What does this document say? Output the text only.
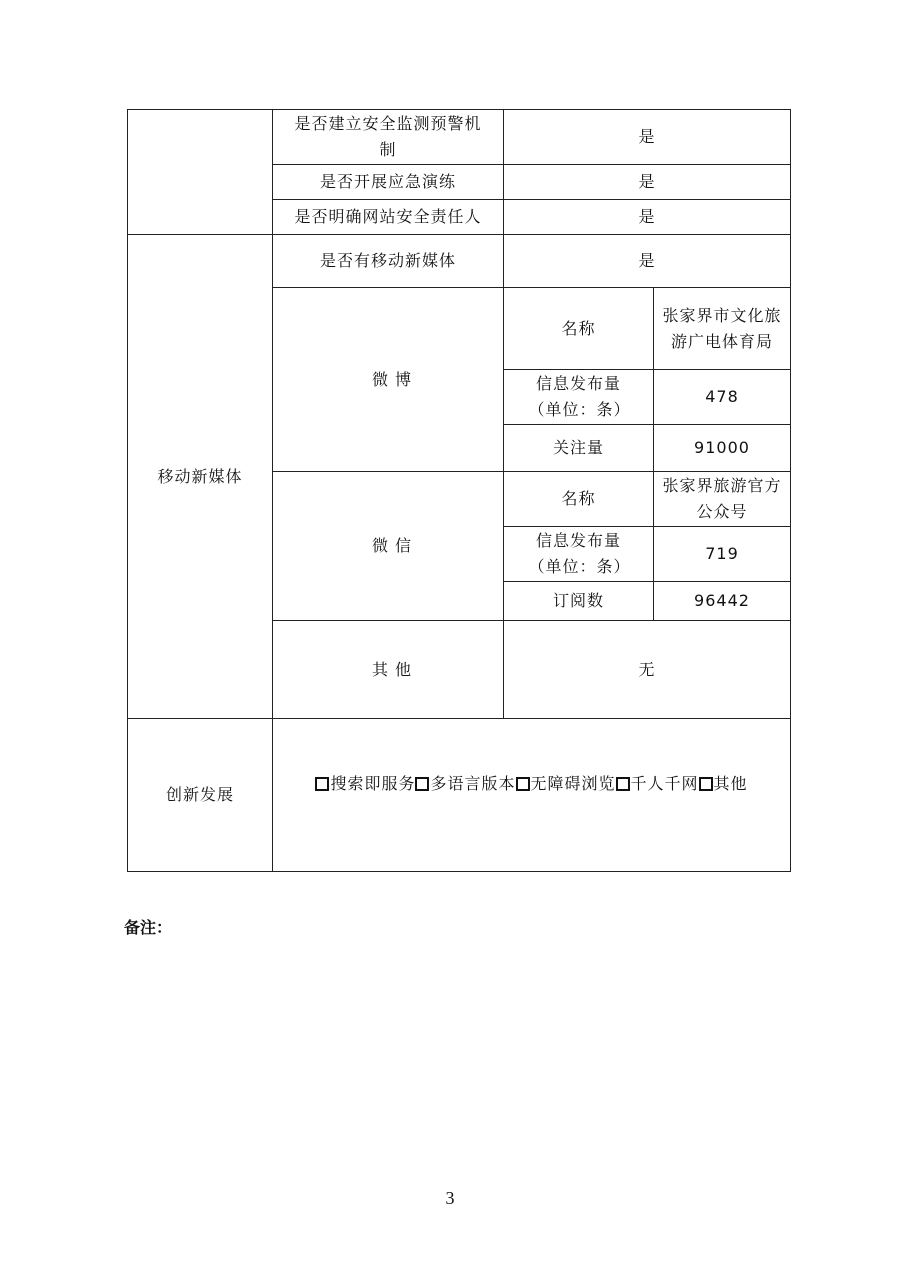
	是否建立安全监测预警机制	是	
	是否开展应急演练	是	
	是否明确网站安全责任人	是	
移动新媒体	是否有移动新媒体	是	
	微 博	名称	张家界市文化旅游广电体育局
		信息发布量（单位：条）	478
		关注量	91000
	微 信	名称	张家界旅游官方公众号
		信息发布量（单位：条）	719
		订阅数	96442
	其 他	无	
创新发展	搜索即服务 多语言版本 无障碍浏览 千人千网 其他		
备注：
3
